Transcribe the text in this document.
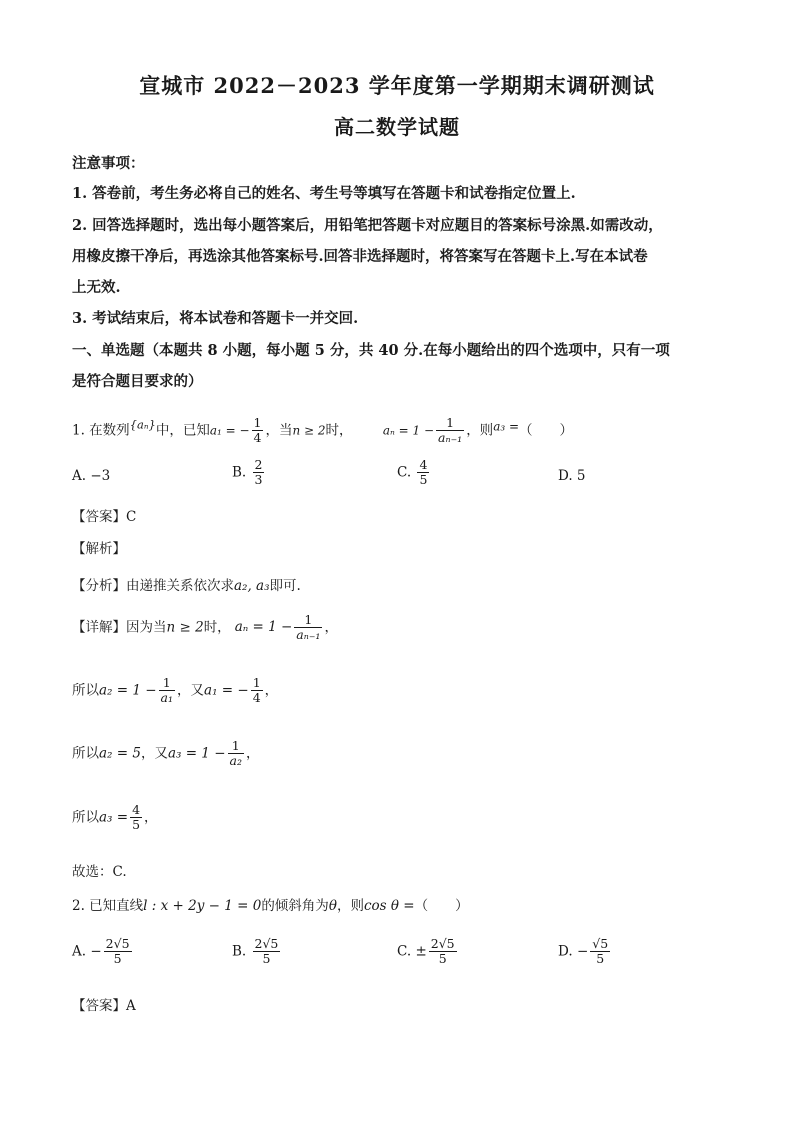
宣城市 2022－2023 学年度第一学期期末调研测试
高二数学试题
注意事项：
1. 答卷前，考生务必将自己的姓名、考生号等填写在答题卡和试卷指定位置上.
2. 回答选择题时，选出每小题答案后，用铅笔把答题卡对应题目的答案标号涂黑.如需改动，
用橡皮擦干净后，再选涂其他答案标号.回答非选择题时，将答案写在答题卡上.写在本试卷
上无效.
3. 考试结束后，将本试卷和答题卡一并交回.
一、单选题（本题共 8 小题，每小题 5 分，共 40 分.在每小题给出的四个选项中，只有一项
是符合题目要求的）
1. 在数列{aₙ}中，已知a₁ = − $\frac{1}{4}$ ，当n ≥ 2时，	$a_n = 1 - \frac{1}{\text{aₙ₋₁}}$ ，则a₃ =（　　）
A. −3	B. $\frac{2}{3}$	C. $\frac{4}{5}$	D. 5
【答案】C
【解析】
【分析】由递推关系依次求a₂, a₃即可.
【详解】因为当n ≥ 2时， $a_n = 1 - \frac{1}{\text{aₙ₋₁}}$ ，
所以$a_2 = 1 - \frac{1}{\text{a₁}}$ ，又a₁ = − $\frac{1}{4}$ ，
所以a₂ = 5，又$a_3 = 1 - \frac{1}{\text{a₂}}$ ，
所以$a_3 = \frac{4}{5}$ ，
故选：C.
2. 已知直线l : x + 2y − 1 = 0的倾斜角为θ，则cos θ =（　　）
A. − $\frac{2√5}{5}$	B. $\frac{2√5}{5}$	C. ± $\frac{2√5}{5}$	D. − $\frac{√5}{5}$
【答案】A
